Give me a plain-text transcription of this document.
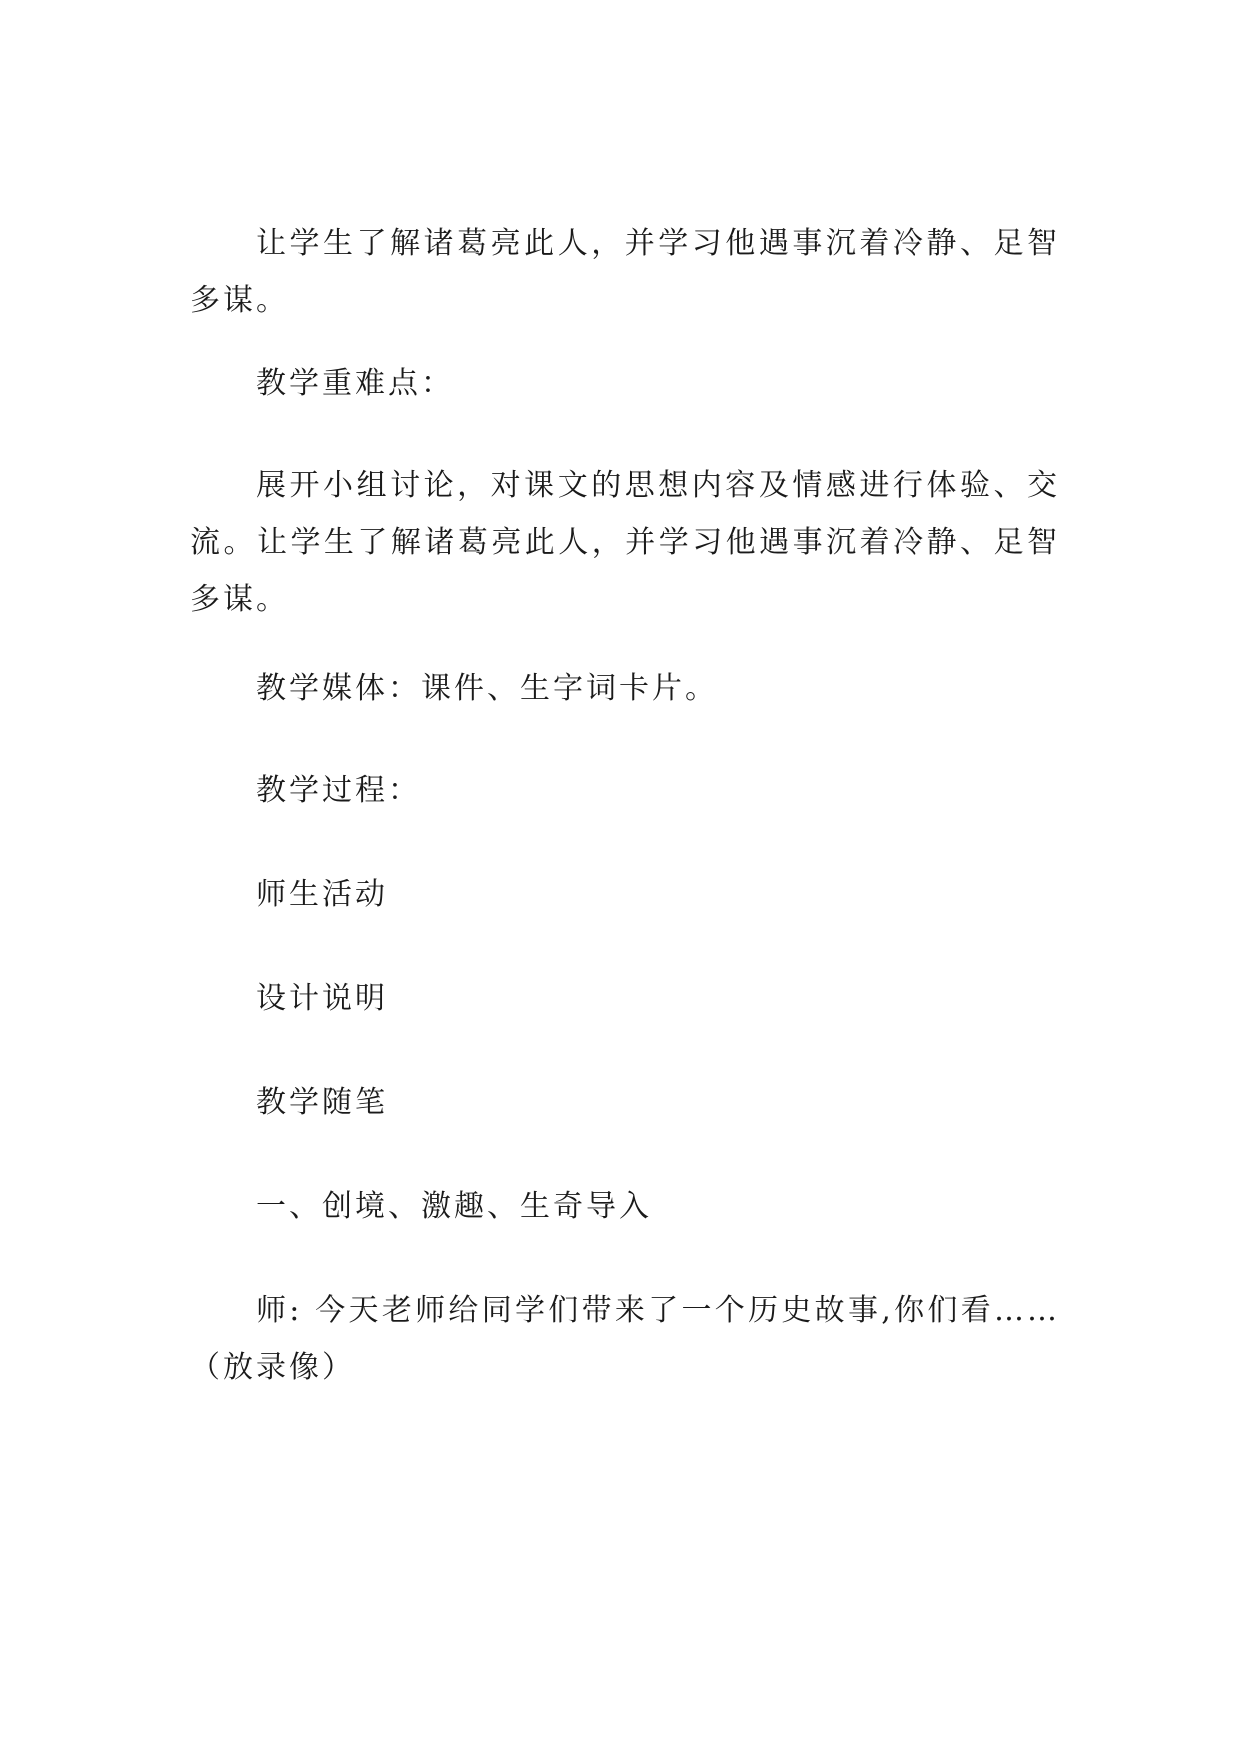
让学生了解诸葛亮此人，并学习他遇事沉着冷静、足智多谋。

教学重难点：

展开小组讨论，对课文的思想内容及情感进行体验、交流。让学生了解诸葛亮此人，并学习他遇事沉着冷静、足智多谋。

教学媒体：课件、生字词卡片。

教学过程：

师生活动

设计说明

教学随笔

一、创境、激趣、生奇导入

师: 今天老师给同学们带来了一个历史故事,你们看……（放录像）
